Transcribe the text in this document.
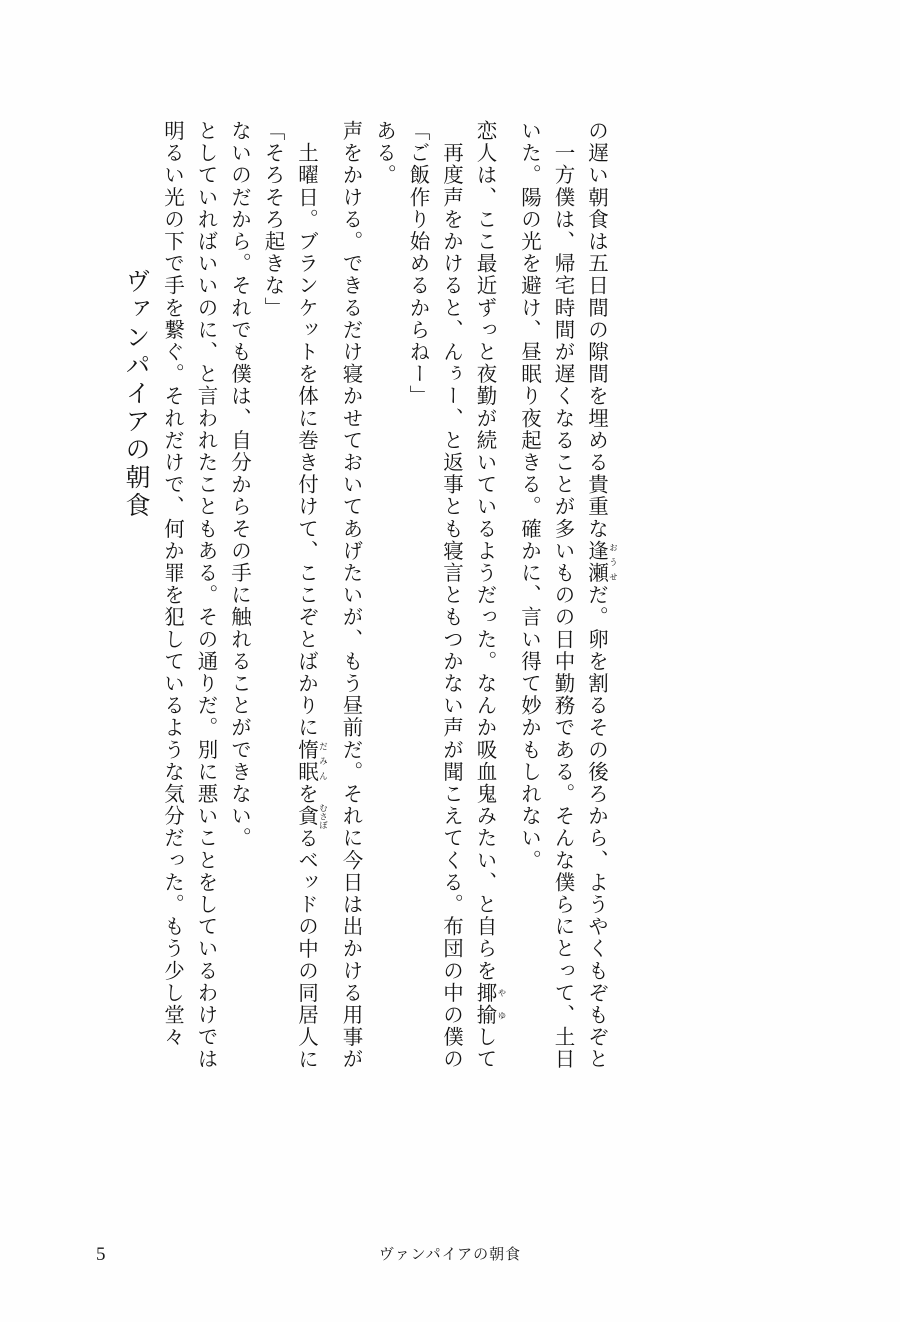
ヴァンパイアの朝食 明るい光の下で手を繋ぐ。それだけで、何か罪を犯しているような気分だった。もう少し堂々 としていればいいのに、と言われたこともある。その通りだ。別に悪いことをしているわけでは ないのだから。それでも僕は、自分からその手に触れることができない。 「そろそろ起きな」 　土曜日。ブランケットを体に巻き付けて、ここぞとばかりに惰眠 だみんを貪 むさぼるベッドの中の同居人に	声をかける。できるだけ寝かせておいてあげたいが、もう昼前だ。それに今日は出かける用事が ある。 「ご飯作り始めるからねー」 　再度声をかけると、んぅー、と返事とも寝言ともつかない声が聞こえてくる。布団の中の僕の 恋人は、ここ最近ずっと夜勤が続いているようだった。なんか吸血鬼みたい、と自らを揶揄 やゆして
いた。陽の光を避け、昼眠り夜起きる。確かに、言い得て妙かもしれない。 　一方僕は、帰宅時間が遅くなることが多いものの日中勤務である。そんな僕らにとって、土日 の遅い朝食は五日間の隙間を埋める貴重な逢瀬 おうせだ。卵を割るその後ろから、ようやくもぞもぞと
5	ヴァンパイアの朝食
